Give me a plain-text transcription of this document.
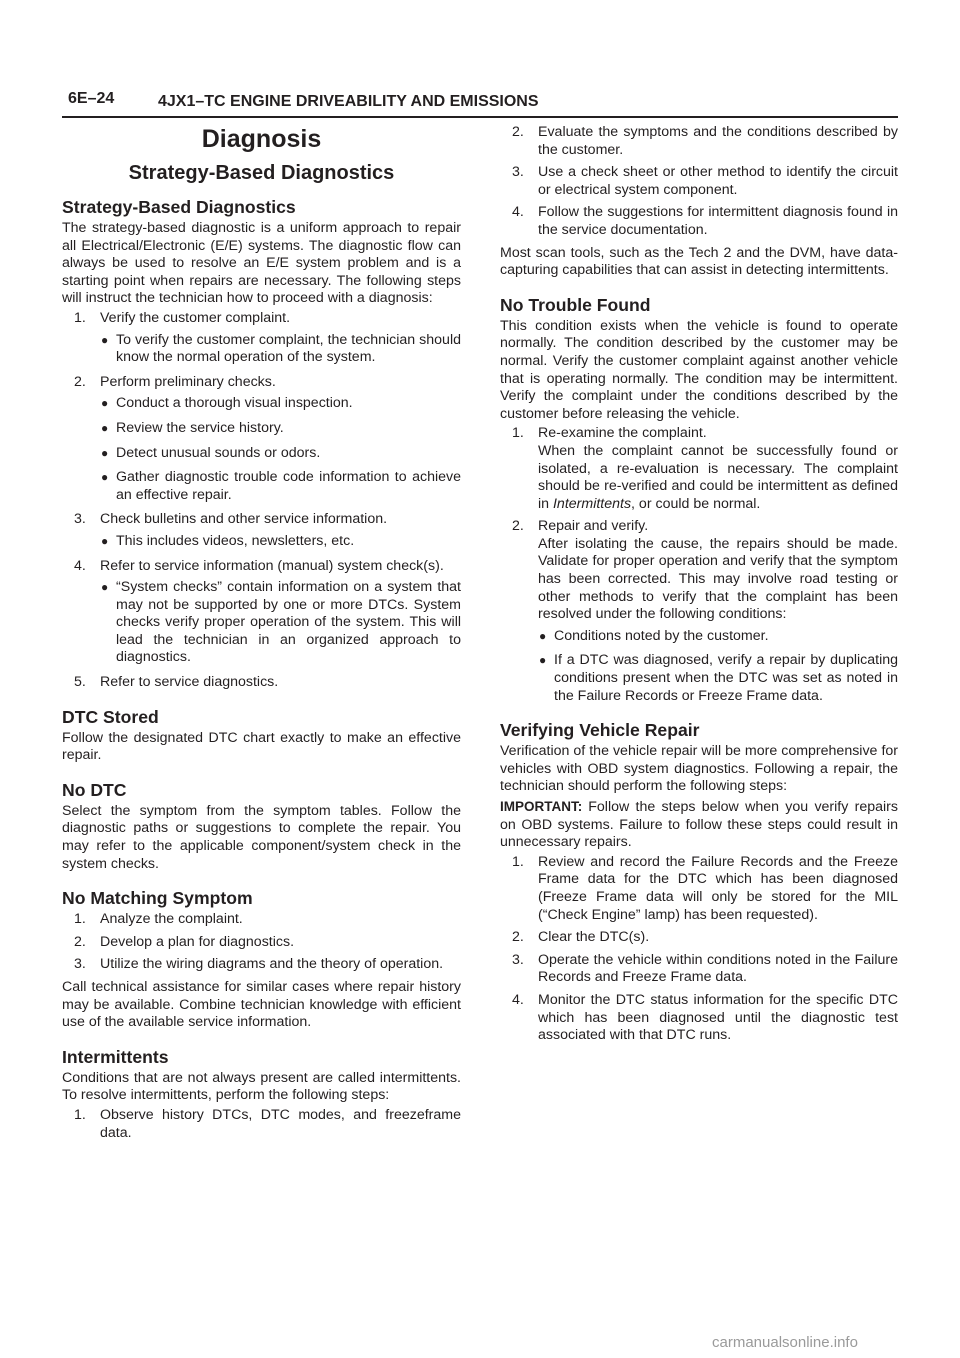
6E–24	4JX1–TC ENGINE DRIVEABILITY AND EMISSIONS
Diagnosis
Strategy-Based Diagnostics
Strategy-Based Diagnostics

The strategy-based diagnostic is a uniform approach to repair all Electrical/Electronic (E/E) systems. The diagnostic flow can always be used to resolve an E/E system problem and is a starting point when repairs are necessary. The following steps will instruct the technician how to proceed with a diagnosis:

1. Verify the customer complaint.
● To verify the customer complaint, the technician should know the normal operation of the system.
2. Perform preliminary checks.
● Conduct a thorough visual inspection.
● Review the service history.
● Detect unusual sounds or odors.
● Gather diagnostic trouble code information to achieve an effective repair.
3. Check bulletins and other service information.
● This includes videos, newsletters, etc.
4. Refer to service information (manual) system check(s).
● “System checks” contain information on a system that may not be supported by one or more DTCs. System checks verify proper operation of the system. This will lead the technician in an organized approach to diagnostics.
5. Refer to service diagnostics.
DTC Stored

Follow the designated DTC chart exactly to make an effective repair.

No DTC

Select the symptom from the symptom tables. Follow the diagnostic paths or suggestions to complete the repair. You may refer to the applicable component/system check in the system checks.

No Matching Symptom
1. Analyze the complaint.
2. Develop a plan for diagnostics.
3. Utilize the wiring diagrams and the theory of operation.

Call technical assistance for similar cases where repair history may be available. Combine technician knowledge with efficient use of the available service information.

Intermittents

Conditions that are not always present are called intermittents. To resolve intermittents, perform the following steps:

1. Observe history DTCs, DTC modes, and freezeframe data.
2. Evaluate the symptoms and the conditions described by the customer.
3. Use a check sheet or other method to identify the circuit or electrical system component.
4. Follow the suggestions for intermittent diagnosis found in the service documentation.

Most scan tools, such as the Tech 2 and the DVM, have data-capturing capabilities that can assist in detecting intermittents.

No Trouble Found

This condition exists when the vehicle is found to operate normally. The condition described by the customer may be normal. Verify the customer complaint against another vehicle that is operating normally. The condition may be intermittent. Verify the complaint under the conditions described by the customer before releasing the vehicle.

1. Re-examine the complaint.
When the complaint cannot be successfully found or isolated, a re-evaluation is necessary. The complaint should be re-verified and could be intermittent as defined in Intermittents, or could be normal.
2. Repair and verify.
After isolating the cause, the repairs should be made. Validate for proper operation and verify that the symptom has been corrected. This may involve road testing or other methods to verify that the complaint has been resolved under the following conditions:
● Conditions noted by the customer.
● If a DTC was diagnosed, verify a repair by duplicating conditions present when the DTC was set as noted in the Failure Records or Freeze Frame data.
Verifying Vehicle Repair

Verification of the vehicle repair will be more comprehensive for vehicles with OBD system diagnostics. Following a repair, the technician should perform the following steps:

IMPORTANT: Follow the steps below when you verify repairs on OBD systems. Failure to follow these steps could result in unnecessary repairs.

1. Review and record the Failure Records and the Freeze Frame data for the DTC which has been diagnosed (Freeze Frame data will only be stored for the MIL (“Check Engine” lamp) has been requested).
2. Clear the DTC(s).
3. Operate the vehicle within conditions noted in the Failure Records and Freeze Frame data.
4. Monitor the DTC status information for the specific DTC which has been diagnosed until the diagnostic test associated with that DTC runs.
carmanualsonline.info
